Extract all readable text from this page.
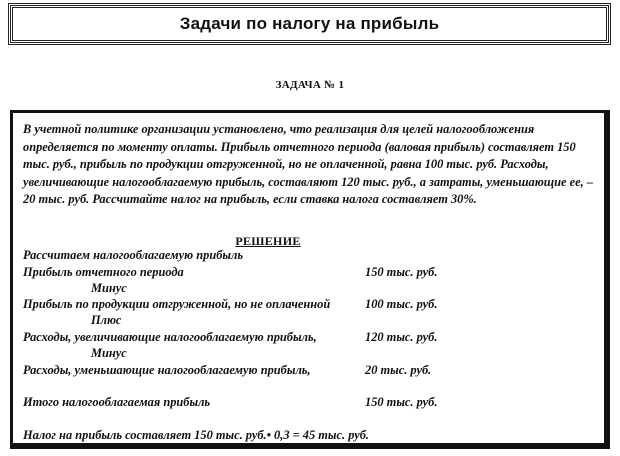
Задачи по налогу на прибыль
ЗАДАЧА № 1
В учетной политике организации установлено, что реализация для целей налогообложения определяется по моменту оплаты. Прибыль отчетного периода (валовая прибыль) составляет 150 тыс. руб., прибыль по продукции отгруженной, но не оплаченной, равна 100 тыс. руб. Расходы, увеличивающие налогооблагаемую прибыль, составляют 120 тыс. руб., а затраты, уменьшающие ее, – 20 тыс. руб. Рассчитайте налог на прибыль, если ставка налога составляет 30%.
РЕШЕНИЕ
Рассчитаем налогооблагаемую прибыль
Прибыль отчетного периода	150 тыс. руб.
Минус
Прибыль по продукции отгруженной, но не оплаченной	100 тыс. руб.
Плюс
Расходы, увеличивающие налогооблагаемую прибыль,	120 тыс. руб.
Минус
Расходы, уменьшающие налогооблагаемую прибыль,	20 тыс. руб.
Итого налогооблагаемая прибыль	150 тыс. руб.
Налог на прибыль составляет 150 тыс. руб.• 0,3 = 45 тыс. руб.
